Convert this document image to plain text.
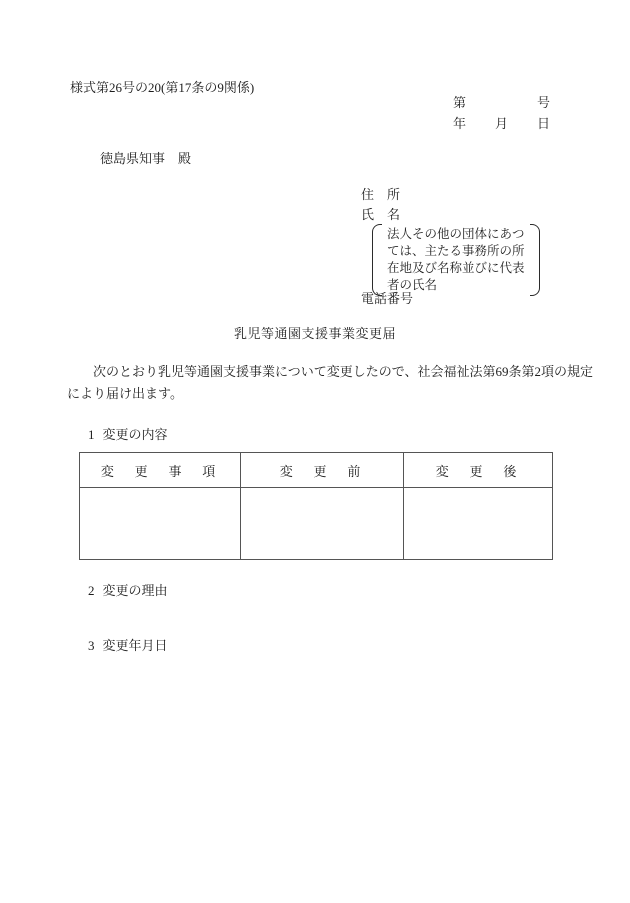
様式第26号の20(第17条の9関係)
第	号
年 月 日
徳島県知事　殿
住　所
氏　名
法人その他の団体にあつ
ては、主たる事務所の所
在地及び名称並びに代表
者の氏名
電話番号
乳児等通園支援事業変更届
　　次のとおり乳児等通園支援事業について変更したので、社会福祉法第69条第2項の規定
により届け出ます。
1 変更の内容
変　更　事　項	変　更　前	変　更　後

2 変更の理由
3 変更年月日
